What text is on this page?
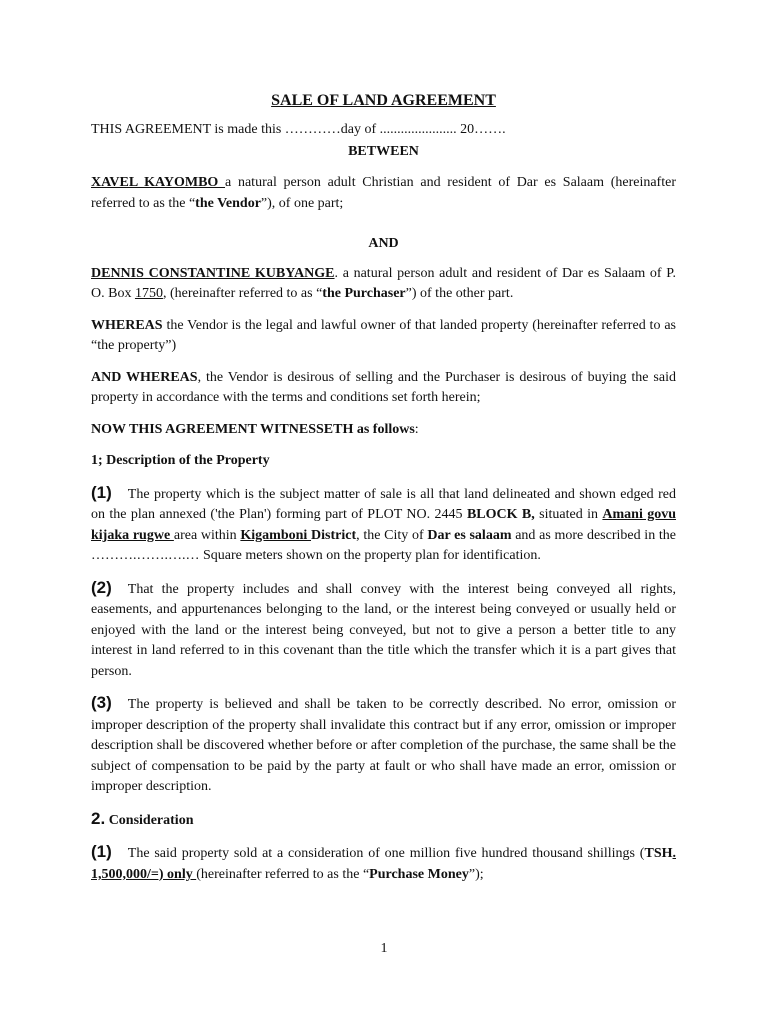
SALE OF LAND AGREEMENT

THIS AGREEMENT is made this …………day of ...................... 20…….

BETWEEN

XAVEL KAYOMBO a natural person adult Christian and resident of Dar es Salaam (hereinafter referred to as the “the Vendor”), of one part;

AND

DENNIS CONSTANTINE KUBYANGE. a natural person adult and resident of Dar es Salaam of P. O. Box 1750, (hereinafter referred to as “the Purchaser”) of the other part.

WHEREAS the Vendor is the legal and lawful owner of that landed property (hereinafter referred to as “the property”)

AND WHEREAS, the Vendor is desirous of selling and the Purchaser is desirous of buying the said property in accordance with the terms and conditions set forth herein;

NOW THIS AGREEMENT WITNESSETH as follows:

1; Description of the Property

(1) The property which is the subject matter of sale is all that land delineated and shown edged red on the plan annexed ('the Plan') forming part of PLOT NO. 2445 BLOCK B, situated in Amani govu kijaka rugwe area within Kigamboni District, the City of Dar es salaam and as more described in the ……….…….….… Square meters shown on the property plan for identification.

(2) That the property includes and shall convey with the interest being conveyed all rights, easements, and appurtenances belonging to the land, or the interest being conveyed or usually held or enjoyed with the land or the interest being conveyed, but not to give a person a better title to any interest in land referred to in this covenant than the title which the transfer which it is a part gives that person.

(3) The property is believed and shall be taken to be correctly described. No error, omission or improper description of the property shall invalidate this contract but if any error, omission or improper description shall be discovered whether before or after completion of the purchase, the same shall be the subject of compensation to be paid by the party at fault or who shall have made an error, omission or improper description.

2. Consideration

(1) The said property sold at a consideration of one million five hundred thousand shillings (TSH. 1,500,000/=) only (hereinafter referred to as the “Purchase Money”);

1
